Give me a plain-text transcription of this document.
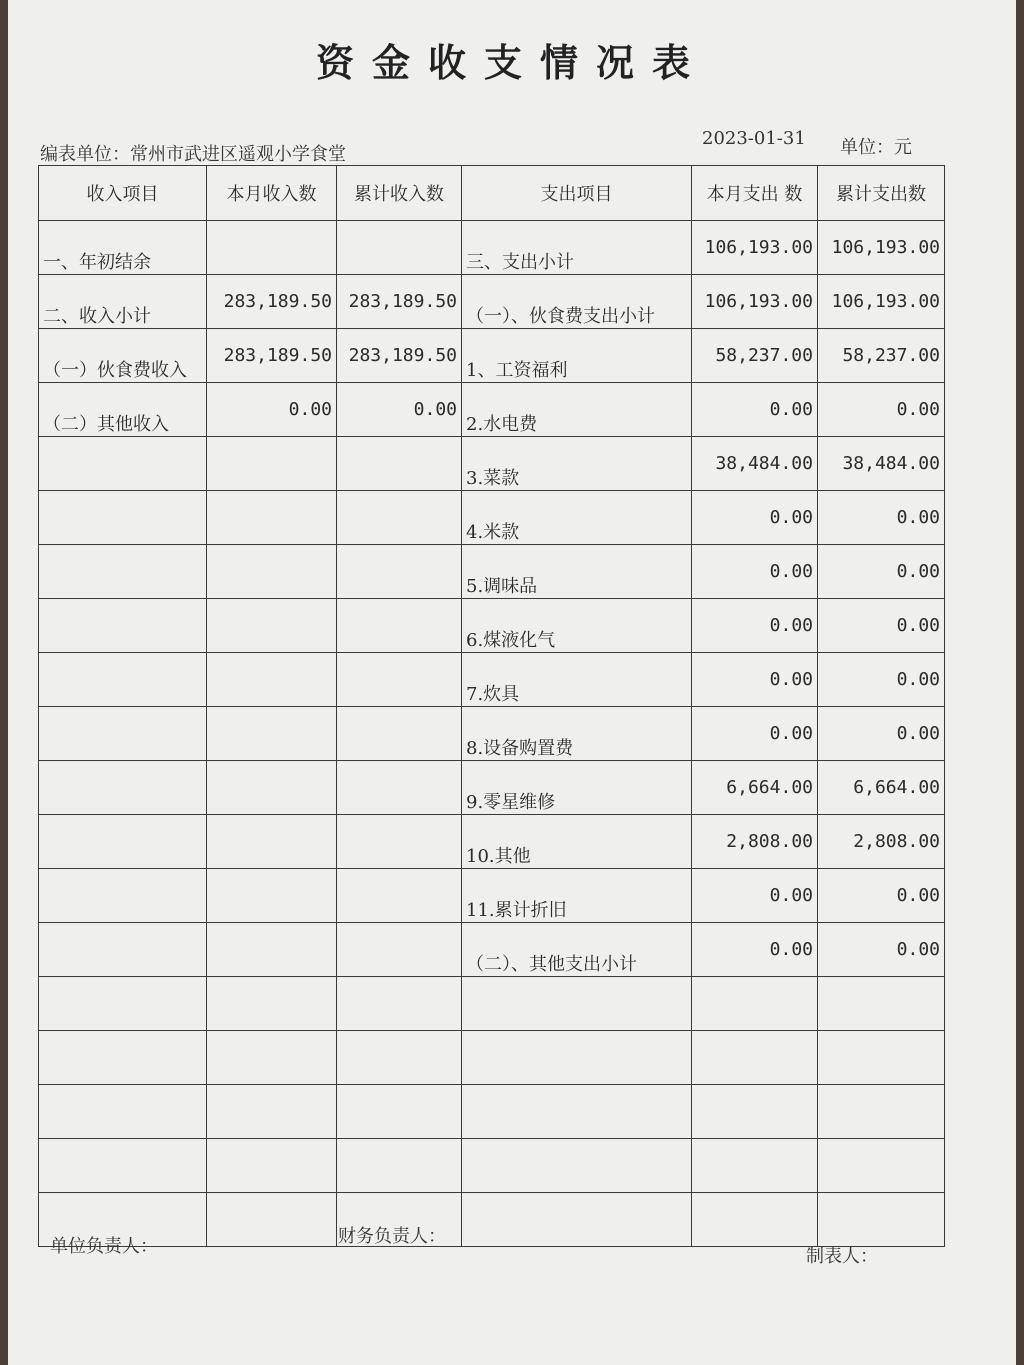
资金收支情况表
编表单位：常州市武进区遥观小学食堂
2023-01-31 单位：元
收入项目	本月收入数	累计收入数	支出项目	本月支出 数	累计支出数
一、年初结余			三、支出小计	106,193.00	106,193.00
二、收入小计	283,189.50	283,189.50	（一）、伙食费支出小计	106,193.00	106,193.00
（一）伙食费收入	283,189.50	283,189.50	1、工资福利	58,237.00	58,237.00
（二）其他收入	0.00	0.00	2.水电费	0.00	0.00
			3.菜款	38,484.00	38,484.00
			4.米款	0.00	0.00
			5.调味品	0.00	0.00
			6.煤液化气	0.00	0.00
			7.炊具	0.00	0.00
			8.设备购置费	0.00	0.00
			9.零星维修	6,664.00	6,664.00
			10.其他	2,808.00	2,808.00
			11.累计折旧	0.00	0.00
			（二）、其他支出小计	0.00	0.00

单位负责人：	财务负责人：
制表人：
